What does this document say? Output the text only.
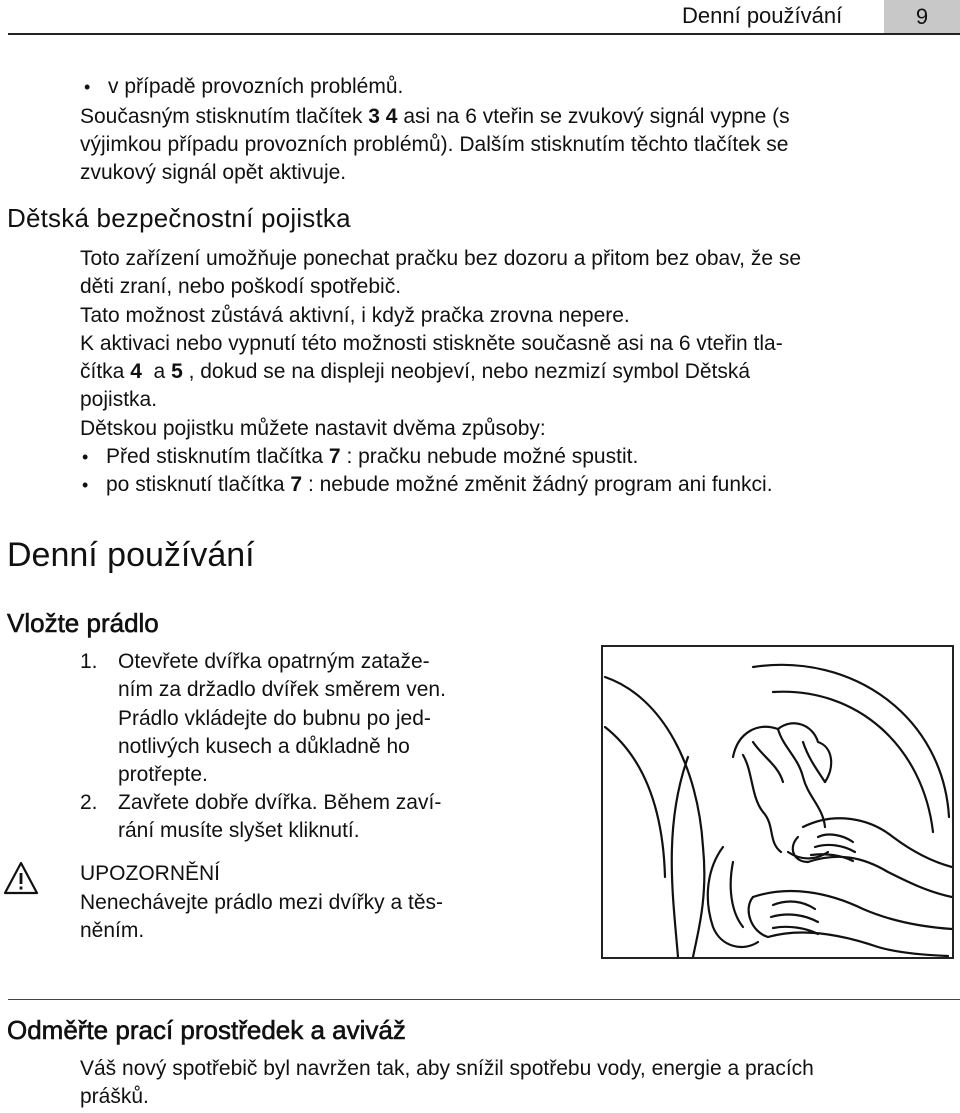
Denní používání	9
• v případě provozních problémů.
Současným stisknutím tlačítek 3 4 asi na 6 vteřin se zvukový signál vypne (s
výjimkou případu provozních problémů). Dalším stisknutím těchto tlačítek se
zvukový signál opět aktivuje.
Dětská bezpečnostní pojistka
Toto zařízení umožňuje ponechat pračku bez dozoru a přitom bez obav, že se
děti zraní, nebo poškodí spotřebič.
Tato možnost zůstává aktivní, i když pračka zrovna nepere.
K aktivaci nebo vypnutí této možnosti stiskněte současně asi na 6 vteřin tla-
čítka 4  a 5 , dokud se na displeji neobjeví, nebo nezmizí symbol Dětská
pojistka.
Dětskou pojistku můžete nastavit dvěma způsoby:
• Před stisknutím tlačítka 7 : pračku nebude možné spustit.
• po stisknutí tlačítka 7 : nebude možné změnit žádný program ani funkci.
Denní používání
Vložte prádlo
1. Otevřete dvířka opatrným zataže-
ním za držadlo dvířek směrem ven.
Prádlo vkládejte do bubnu po jed-
notlivých kusech a důkladně ho
protřepte.
2. Zavřete dobře dvířka. Během zaví-
rání musíte slyšet kliknutí.
UPOZORNĚNÍ
Nenechávejte prádlo mezi dvířky a těs-
něním.
Odměřte prací prostředek a aviváž
Váš nový spotřebič byl navržen tak, aby snížil spotřebu vody, energie a pracích
prášků.
